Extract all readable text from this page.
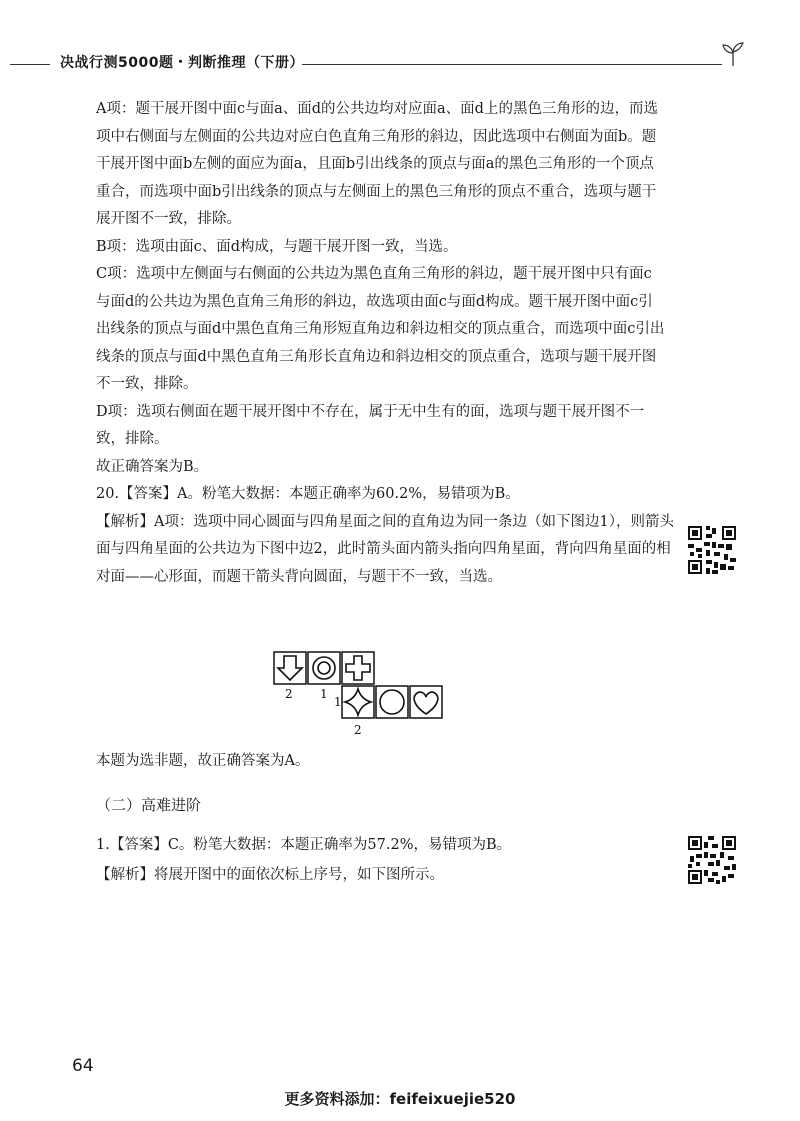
决战行测5000题・判断推理（下册）

A项：题干展开图中面c与面a、面d的公共边均对应面a、面d上的黑色三角形的边，而选项中右侧面与左侧面的公共边对应白色直角三角形的斜边，因此选项中右侧面为面b。题干展开图中面b左侧的面应为面a，且面b引出线条的顶点与面a的黑色三角形的一个顶点重合，而选项中面b引出线条的顶点与左侧面上的黑色三角形的顶点不重合，选项与题干展开图不一致，排除。

B项：选项由面c、面d构成，与题干展开图一致，当选。

C项：选项中左侧面与右侧面的公共边为黑色直角三角形的斜边，题干展开图中只有面c与面d的公共边为黑色直角三角形的斜边，故选项由面c与面d构成。题干展开图中面c引出线条的顶点与面d中黑色直角三角形短直角边和斜边相交的顶点重合，而选项中面c引出线条的顶点与面d中黑色直角三角形长直角边和斜边相交的顶点重合，选项与题干展开图不一致，排除。

D项：选项右侧面在题干展开图中不存在，属于无中生有的面，选项与题干展开图不一致，排除。

故正确答案为B。

20.【答案】A。粉笔大数据：本题正确率为60.2%，易错项为B。

【解析】A项：选项中同心圆面与四角星面之间的直角边为同一条边（如下图边1），则箭头面与四角星面的公共边为下图中边2，此时箭头面内箭头指向四角星面，背向四角星面的相对面——心形面，而题干箭头背向圆面，与题干不一致，当选。

2 1
1
2

本题为选非题，故正确答案为A。

（二）高难进阶

1.【答案】C。粉笔大数据：本题正确率为57.2%，易错项为B。

【解析】将展开图中的面依次标上序号，如下图所示。

64
更多资料添加：feifeixuejie520
